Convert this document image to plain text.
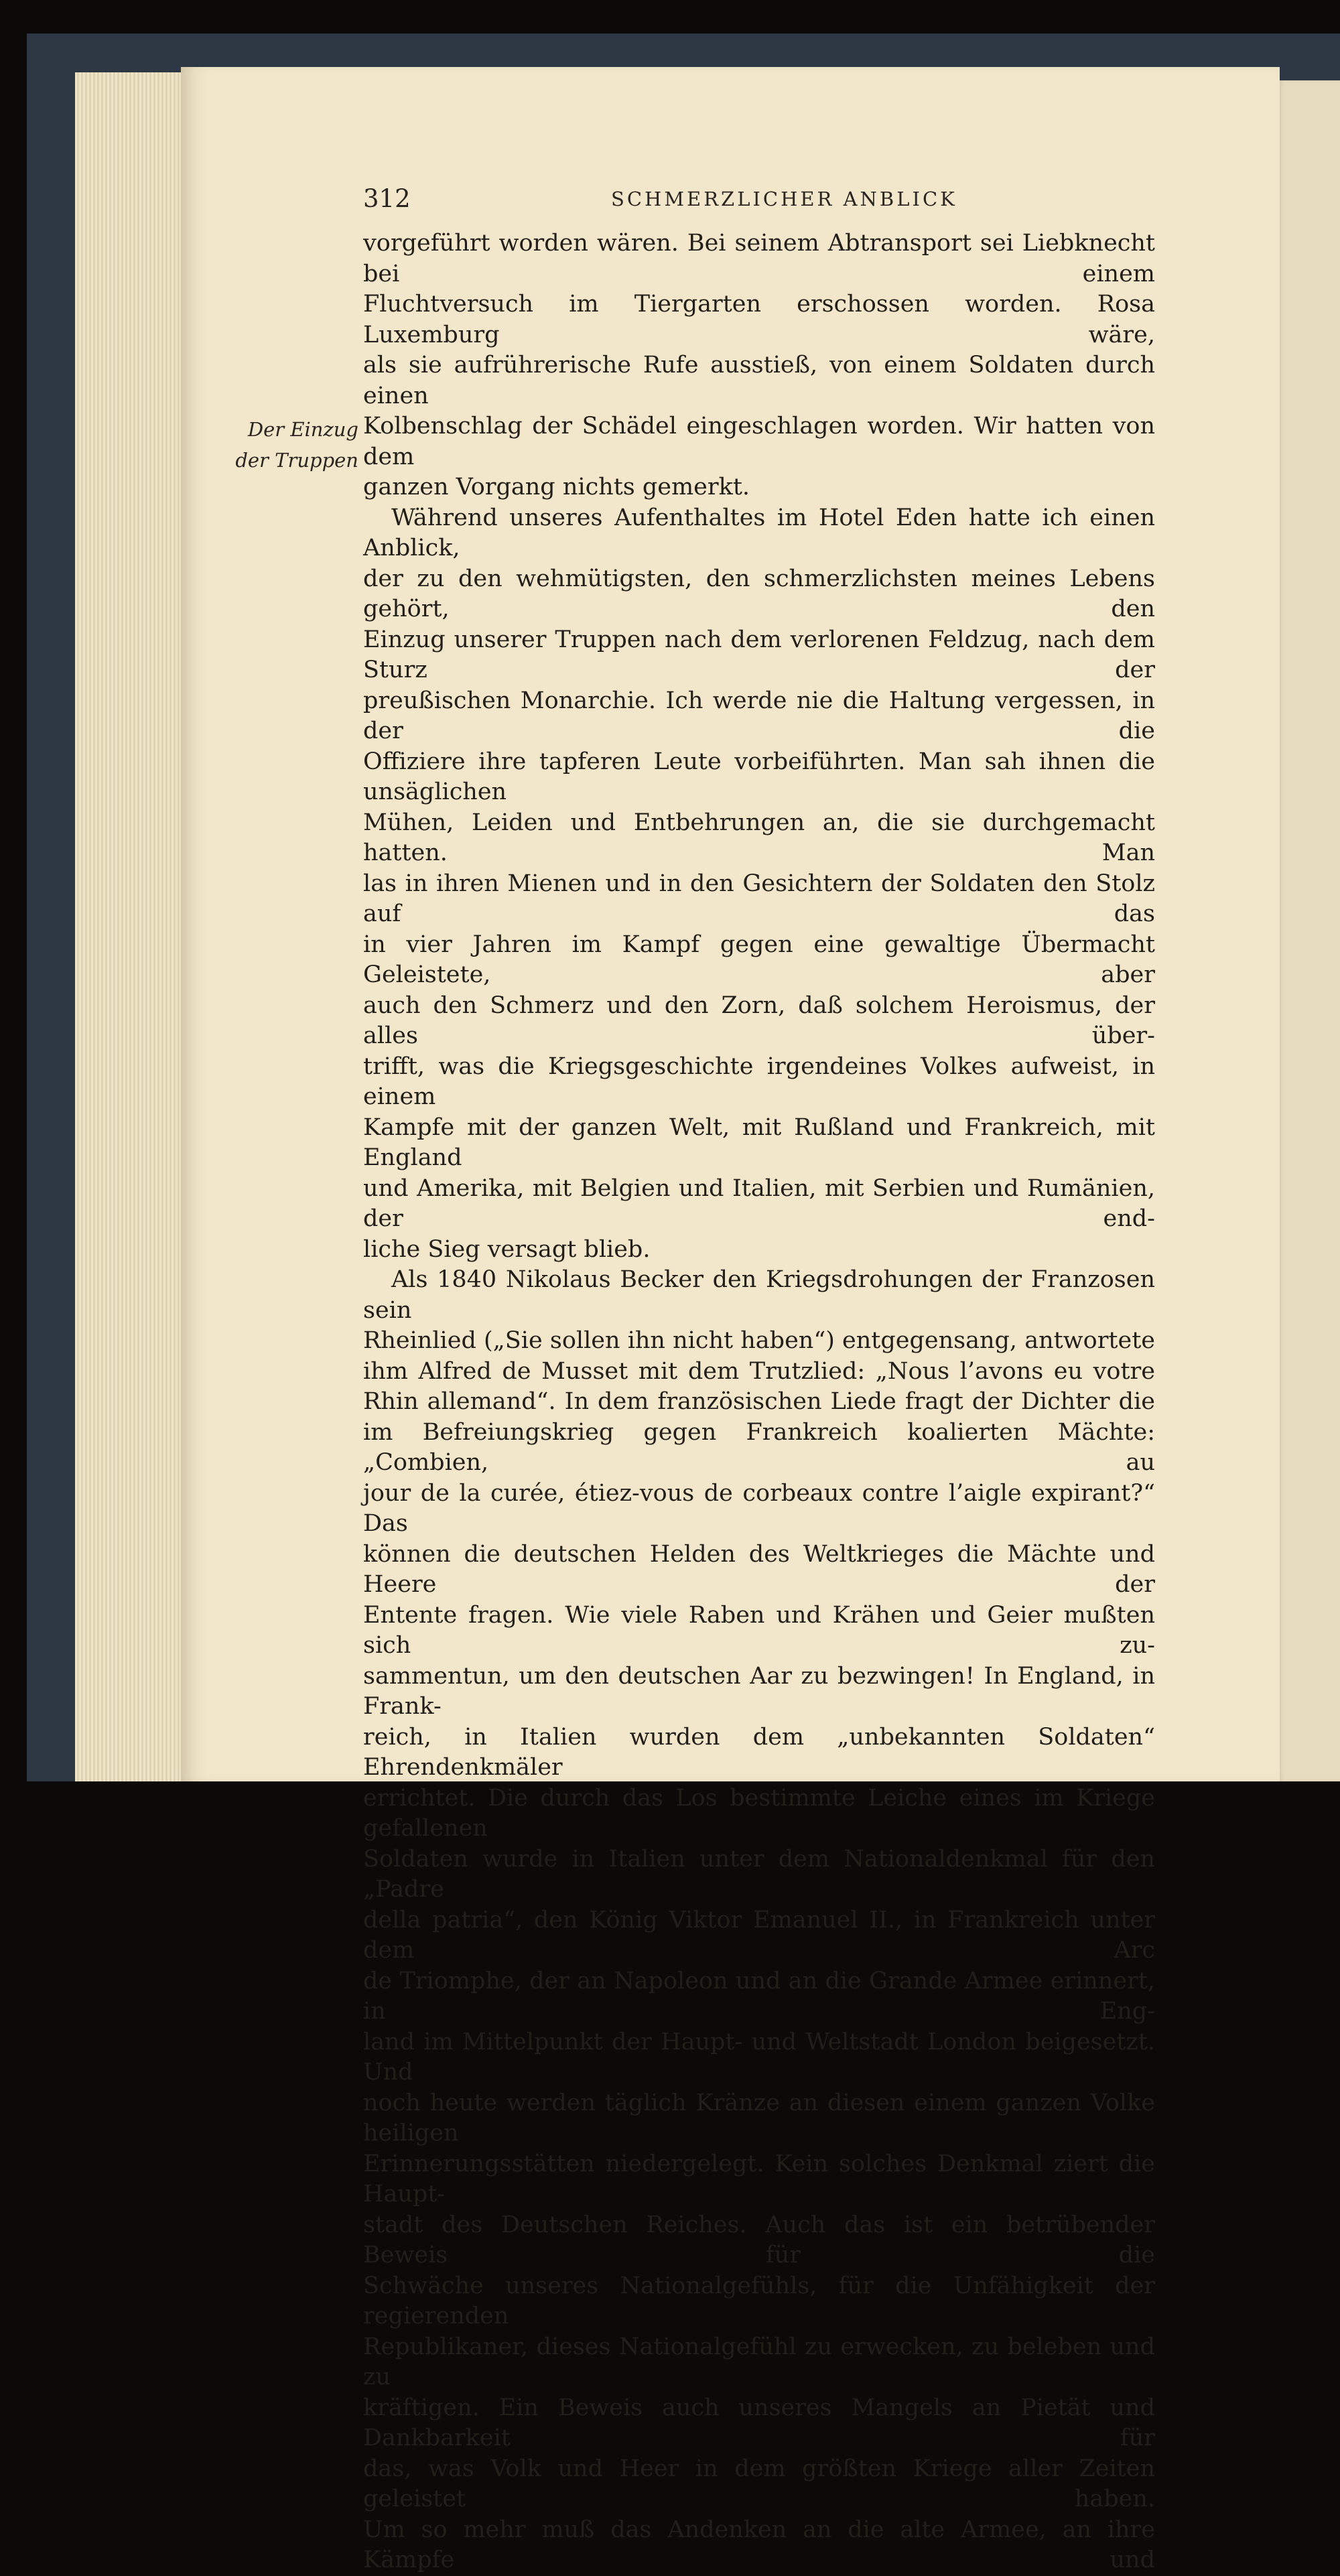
312	SCHMERZLICHER ANBLICK
Der Einzug
der Truppen

vorgeführt worden wären. Bei seinem Abtransport sei Liebknecht bei einem

Fluchtversuch im Tiergarten erschossen worden. Rosa Luxemburg wäre,

als sie aufrührerische Rufe ausstieß, von einem Soldaten durch einen

Kolbenschlag der Schädel eingeschlagen worden. Wir hatten von dem

ganzen Vorgang nichts gemerkt.

Während unseres Aufenthaltes im Hotel Eden hatte ich einen Anblick,

der zu den wehmütigsten, den schmerzlichsten meines Lebens gehört, den

Einzug unserer Truppen nach dem verlorenen Feldzug, nach dem Sturz der

preußischen Monarchie. Ich werde nie die Haltung vergessen, in der die

Offiziere ihre tapferen Leute vorbeiführten. Man sah ihnen die unsäglichen

Mühen, Leiden und Entbehrungen an, die sie durchgemacht hatten. Man

las in ihren Mienen und in den Gesichtern der Soldaten den Stolz auf das

in vier Jahren im Kampf gegen eine gewaltige Übermacht Geleistete, aber

auch den Schmerz und den Zorn, daß solchem Heroismus, der alles über-

trifft, was die Kriegsgeschichte irgendeines Volkes aufweist, in einem

Kampfe mit der ganzen Welt, mit Rußland und Frankreich, mit England

und Amerika, mit Belgien und Italien, mit Serbien und Rumänien, der end-

liche Sieg versagt blieb.

Als 1840 Nikolaus Becker den Kriegsdrohungen der Franzosen sein

Rheinlied („Sie sollen ihn nicht haben“) entgegensang, antwortete

ihm Alfred de Musset mit dem Trutzlied: „Nous l’avons eu votre

Rhin allemand“. In dem französischen Liede fragt der Dichter die

im Befreiungskrieg gegen Frankreich koalierten Mächte: „Combien, au

jour de la curée, étiez-vous de corbeaux contre l’aigle expirant?“ Das

können die deutschen Helden des Weltkrieges die Mächte und Heere der

Entente fragen. Wie viele Raben und Krähen und Geier mußten sich zu-

sammentun, um den deutschen Aar zu bezwingen! In England, in Frank-

reich, in Italien wurden dem „unbekannten Soldaten“ Ehrendenkmäler

errichtet. Die durch das Los bestimmte Leiche eines im Kriege gefallenen

Soldaten wurde in Italien unter dem Nationaldenkmal für den „Padre

della patria“, den König Viktor Emanuel II., in Frankreich unter dem Arc

de Triomphe, der an Napoleon und an die Grande Armee erinnert, in Eng-

land im Mittelpunkt der Haupt- und Weltstadt London beigesetzt. Und

noch heute werden täglich Kränze an diesen einem ganzen Volke heiligen

Erinnerungsstätten niedergelegt. Kein solches Denkmal ziert die Haupt-

stadt des Deutschen Reiches. Auch das ist ein betrübender Beweis für die

Schwäche unseres Nationalgefühls, für die Unfähigkeit der regierenden

Republikaner, dieses Nationalgefühl zu erwecken, zu beleben und zu

kräftigen. Ein Beweis auch unseres Mangels an Pietät und Dankbarkeit für

das, was Volk und Heer in dem größten Kriege aller Zeiten geleistet haben.

Um so mehr muß das Andenken an die alte Armee, an ihre Kämpfe und
